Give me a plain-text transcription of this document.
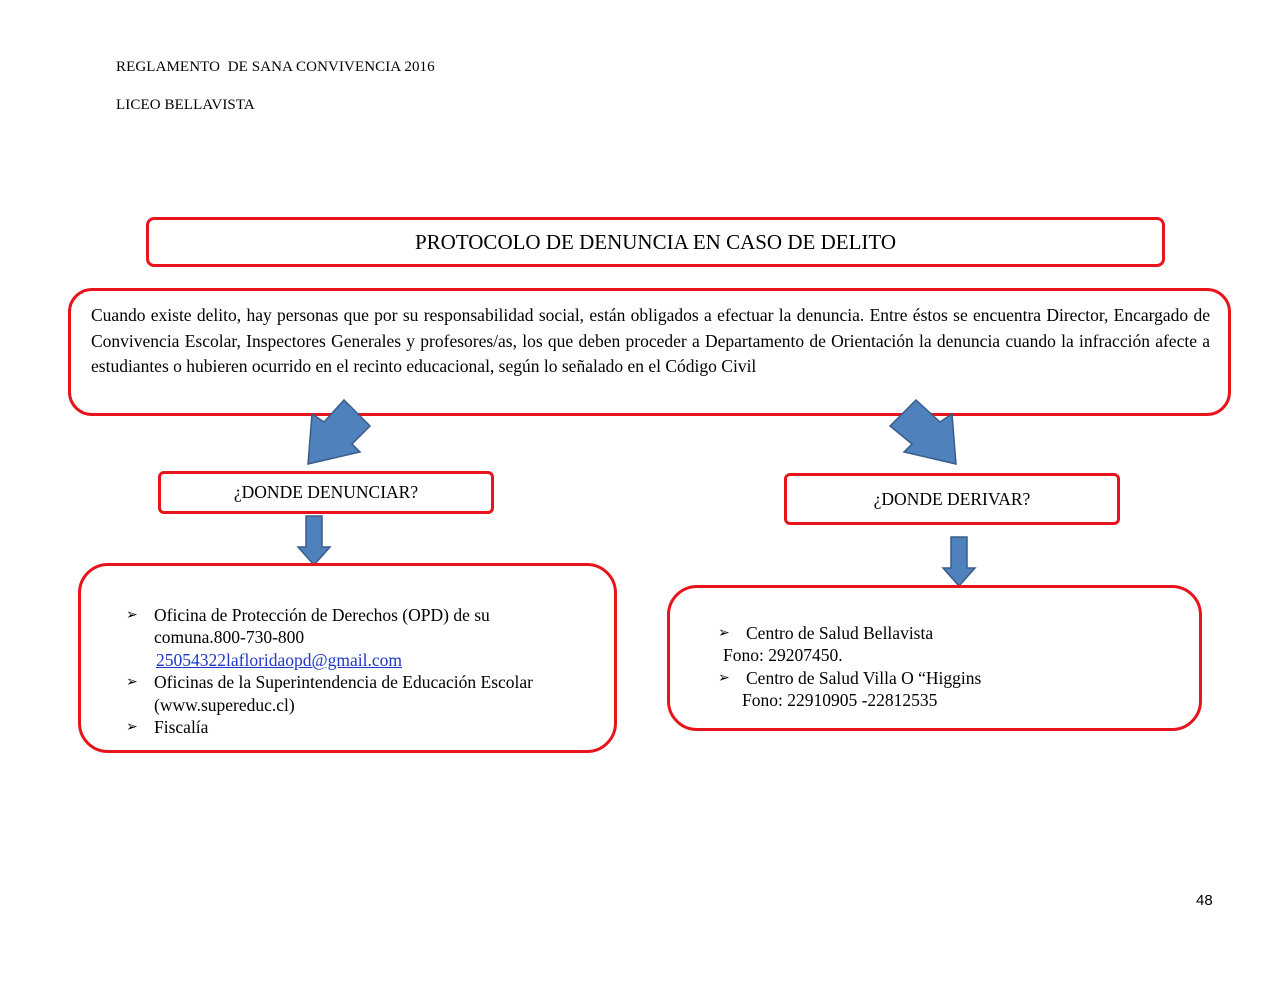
REGLAMENTO  DE SANA CONVIVENCIA 2016
LICEO BELLAVISTA
PROTOCOLO DE DENUNCIA EN CASO DE DELITO
Cuando existe delito, hay personas que por su responsabilidad social, están obligados a efectuar la denuncia. Entre éstos se encuentra Director, Encargado de Convivencia Escolar, Inspectores Generales y profesores/as, los que deben proceder a Departamento de Orientación la denuncia cuando la infracción afecte a estudiantes o hubieren ocurrido en el recinto educacional, según lo señalado en el Código Civil
¿DONDE DENUNCIAR?	¿DONDE DERIVAR?
➢ Oficina de Protección de Derechos (OPD) de su
comuna.800-730-800
25054322lafloridaopd@gmail.com
➢ Oficinas de la Superintendencia de Educación Escolar
(www.supereduc.cl)
➢ Fiscalía
➢ Centro de Salud Bellavista
Fono: 29207450.
➢ Centro de Salud Villa O “Higgins
Fono: 22910905 -22812535
48
